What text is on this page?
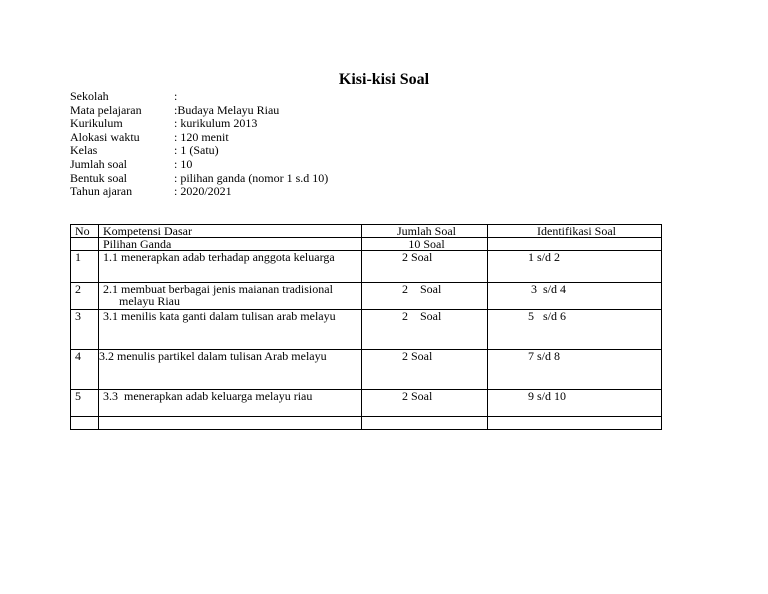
Kisi-kisi Soal
Sekolah	:
Mata pelajaran	:Budaya Melayu Riau
Kurikulum	: kurikulum 2013
Alokasi waktu	: 120 menit
Kelas	: 1 (Satu)
Jumlah soal	: 10
Bentuk soal	: pilihan ganda (nomor 1 s.d 10)
Tahun ajaran	: 2020/2021
No	Kompetensi Dasar	Jumlah Soal	Identifikasi Soal
	Pilihan Ganda	10 Soal	
1	1.1 menerapkan adab terhadap anggota keluarga	2 Soal	1 s/d 2
2	2.1 membuat berbagai jenis maianan tradisional
melayu Riau	2    Soal	3  s/d 4
3	3.1 menilis kata ganti dalam tulisan arab melayu	2    Soal	5   s/d 6
4	3.2 menulis partikel dalam tulisan Arab melayu	2 Soal	7 s/d 8
5	3.3  menerapkan adab keluarga melayu riau	2 Soal	9 s/d 10
